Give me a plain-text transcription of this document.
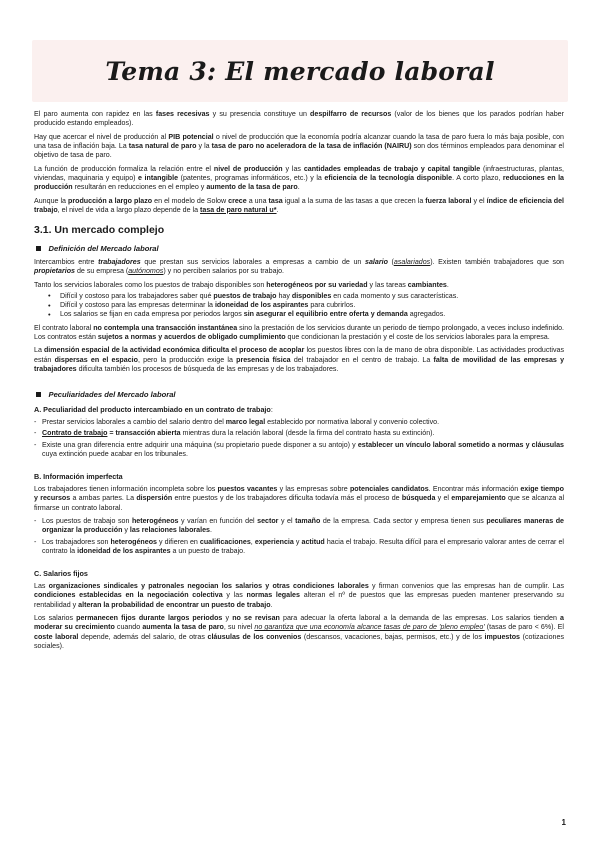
Tema 3: El mercado laboral

El paro aumenta con rapidez en las fases recesivas y su presencia constituye un despilfarro de recursos (valor de los bienes que los parados podrían haber producido estando empleados).

Hay que acercar el nivel de producción al PIB potencial o nivel de producción que la economía podría alcanzar cuando la tasa de paro fuera lo más baja posible, con una tasa de inflación baja. La tasa natural de paro y la tasa de paro no aceleradora de la tasa de inflación (NAIRU) son dos términos empleados para denominar el objetivo de tasa de paro.

La función de producción formaliza la relación entre el nivel de producción y las cantidades empleadas de trabajo y capital tangible (infraestructuras, plantas, viviendas, maquinaria y equipo) e intangible (patentes, programas informáticos, etc.) y la eficiencia de la tecnología disponible. A corto plazo, reducciones en la producción resultarán en reducciones en el empleo y aumento de la tasa de paro.

Aunque la producción a largo plazo en el modelo de Solow crece a una tasa igual a la suma de las tasas a que crecen la fuerza laboral y el índice de eficiencia del trabajo, el nivel de vida a largo plazo depende de la tasa de paro natural u*.

3.1. Un mercado complejo
Definición del Mercado laboral

Intercambios entre trabajadores que prestan sus servicios laborales a empresas a cambio de un salario (asalariados). Existen también trabajadores que son propietarios de su empresa (autónomos) y no perciben salarios por su trabajo.

Tanto los servicios laborales como los puestos de trabajo disponibles son heterogéneos por su variedad y las tareas cambiantes.

• Difícil y costoso para los trabajadores saber qué puestos de trabajo hay disponibles en cada momento y sus características.
• Difícil y costoso para las empresas determinar la idoneidad de los aspirantes para cubrirlos.
• Los salarios se fijan en cada empresa por periodos largos sin asegurar el equilibrio entre oferta y demanda agregados.

El contrato laboral no contempla una transacción instantánea sino la prestación de los servicios durante un periodo de tiempo prolongado, a veces incluso indefinido. Los contratos están sujetos a normas y acuerdos de obligado cumplimiento que condicionan la prestación y el coste de los servicios laborales para la empresa.

La dimensión espacial de la actividad económica dificulta el proceso de acoplar los puestos libres con la de mano de obra disponible. Las actividades productivas están dispersas en el espacio, pero la producción exige la presencia física del trabajador en el centro de trabajo. La falta de movilidad de las empresas y trabajadores dificulta también los procesos de búsqueda de las empresas y de los trabajadores.

Peculiaridades del Mercado laboral
A. Peculiaridad del producto intercambiado en un contrato de trabajo:
- Prestar servicios laborales a cambio del salario dentro del marco legal establecido por normativa laboral y convenio colectivo.
- Contrato de trabajo = transacción abierta mientras dura la relación laboral (desde la firma del contrato hasta su extinción).
- Existe una gran diferencia entre adquirir una máquina (su propietario puede disponer a su antojo) y establecer un vínculo laboral sometido a normas y cláusulas cuya extinción puede acabar en los tribunales.
B. Información imperfecta

Los trabajadores tienen información incompleta sobre los puestos vacantes y las empresas sobre potenciales candidatos. Encontrar más información exige tiempo y recursos a ambas partes. La dispersión entre puestos y de los trabajadores dificulta todavía más el proceso de búsqueda y el emparejamiento que se alcanza al firmarse un contrato laboral.

- Los puestos de trabajo son heterogéneos y varían en función del sector y el tamaño de la empresa. Cada sector y empresa tienen sus peculiares maneras de organizar la producción y las relaciones laborales.
- Los trabajadores son heterogéneos y difieren en cualificaciones, experiencia y actitud hacia el trabajo. Resulta difícil para el empresario valorar antes de cerrar el contrato la idoneidad de los aspirantes a un puesto de trabajo.
C. Salarios fijos

Las organizaciones sindicales y patronales negocian los salarios y otras condiciones laborales y firman convenios que las empresas han de cumplir. Las condiciones establecidas en la negociación colectiva y las normas legales alteran el nº de puestos que las empresas pueden mantener preservando su rentabilidad y alteran la probabilidad de encontrar un puesto de trabajo.

Los salarios permanecen fijos durante largos periodos y no se revisan para adecuar la oferta laboral a la demanda de las empresas. Los salarios tienden a moderar su crecimiento cuando aumenta la tasa de paro, su nivel no garantiza que una economía alcance tasas de paro de 'pleno empleo' (tasas de paro < 6%). El coste laboral depende, además del salario, de otras cláusulas de los convenios (descansos, vacaciones, bajas, permisos, etc.) y de los impuestos (cotizaciones sociales).

1
